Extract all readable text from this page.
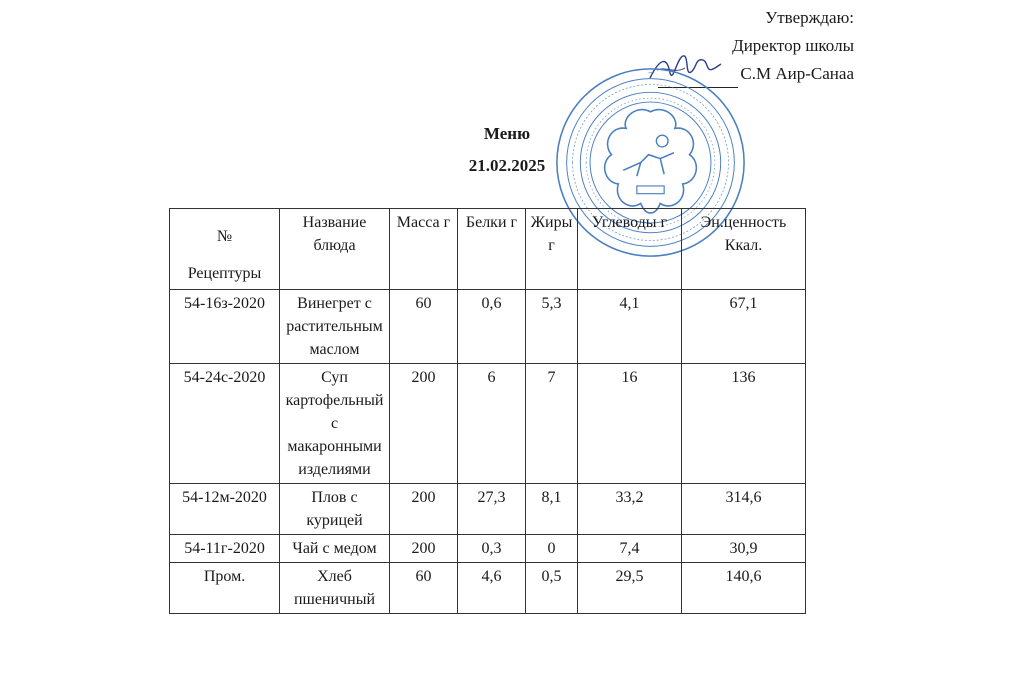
Утверждаю:
Директор школы
С.М Аир-Санаа
Меню
21.02.2025
№
Рецептуры	Название блюда	Масса г	Белки г	Жиры г	Углеводы г	Эн.ценность Ккал.
54-16з-2020	Винегрет с растительным маслом	60	0,6	5,3	4,1	67,1
54-24с-2020	Суп картофельный с макаронными изделиями	200	6	7	16	136
54-12м-2020	Плов с курицей	200	27,3	8,1	33,2	314,6
54-11г-2020	Чай с медом	200	0,3	0	7,4	30,9
Пром.	Хлеб пшеничный	60	4,6	0,5	29,5	140,6
